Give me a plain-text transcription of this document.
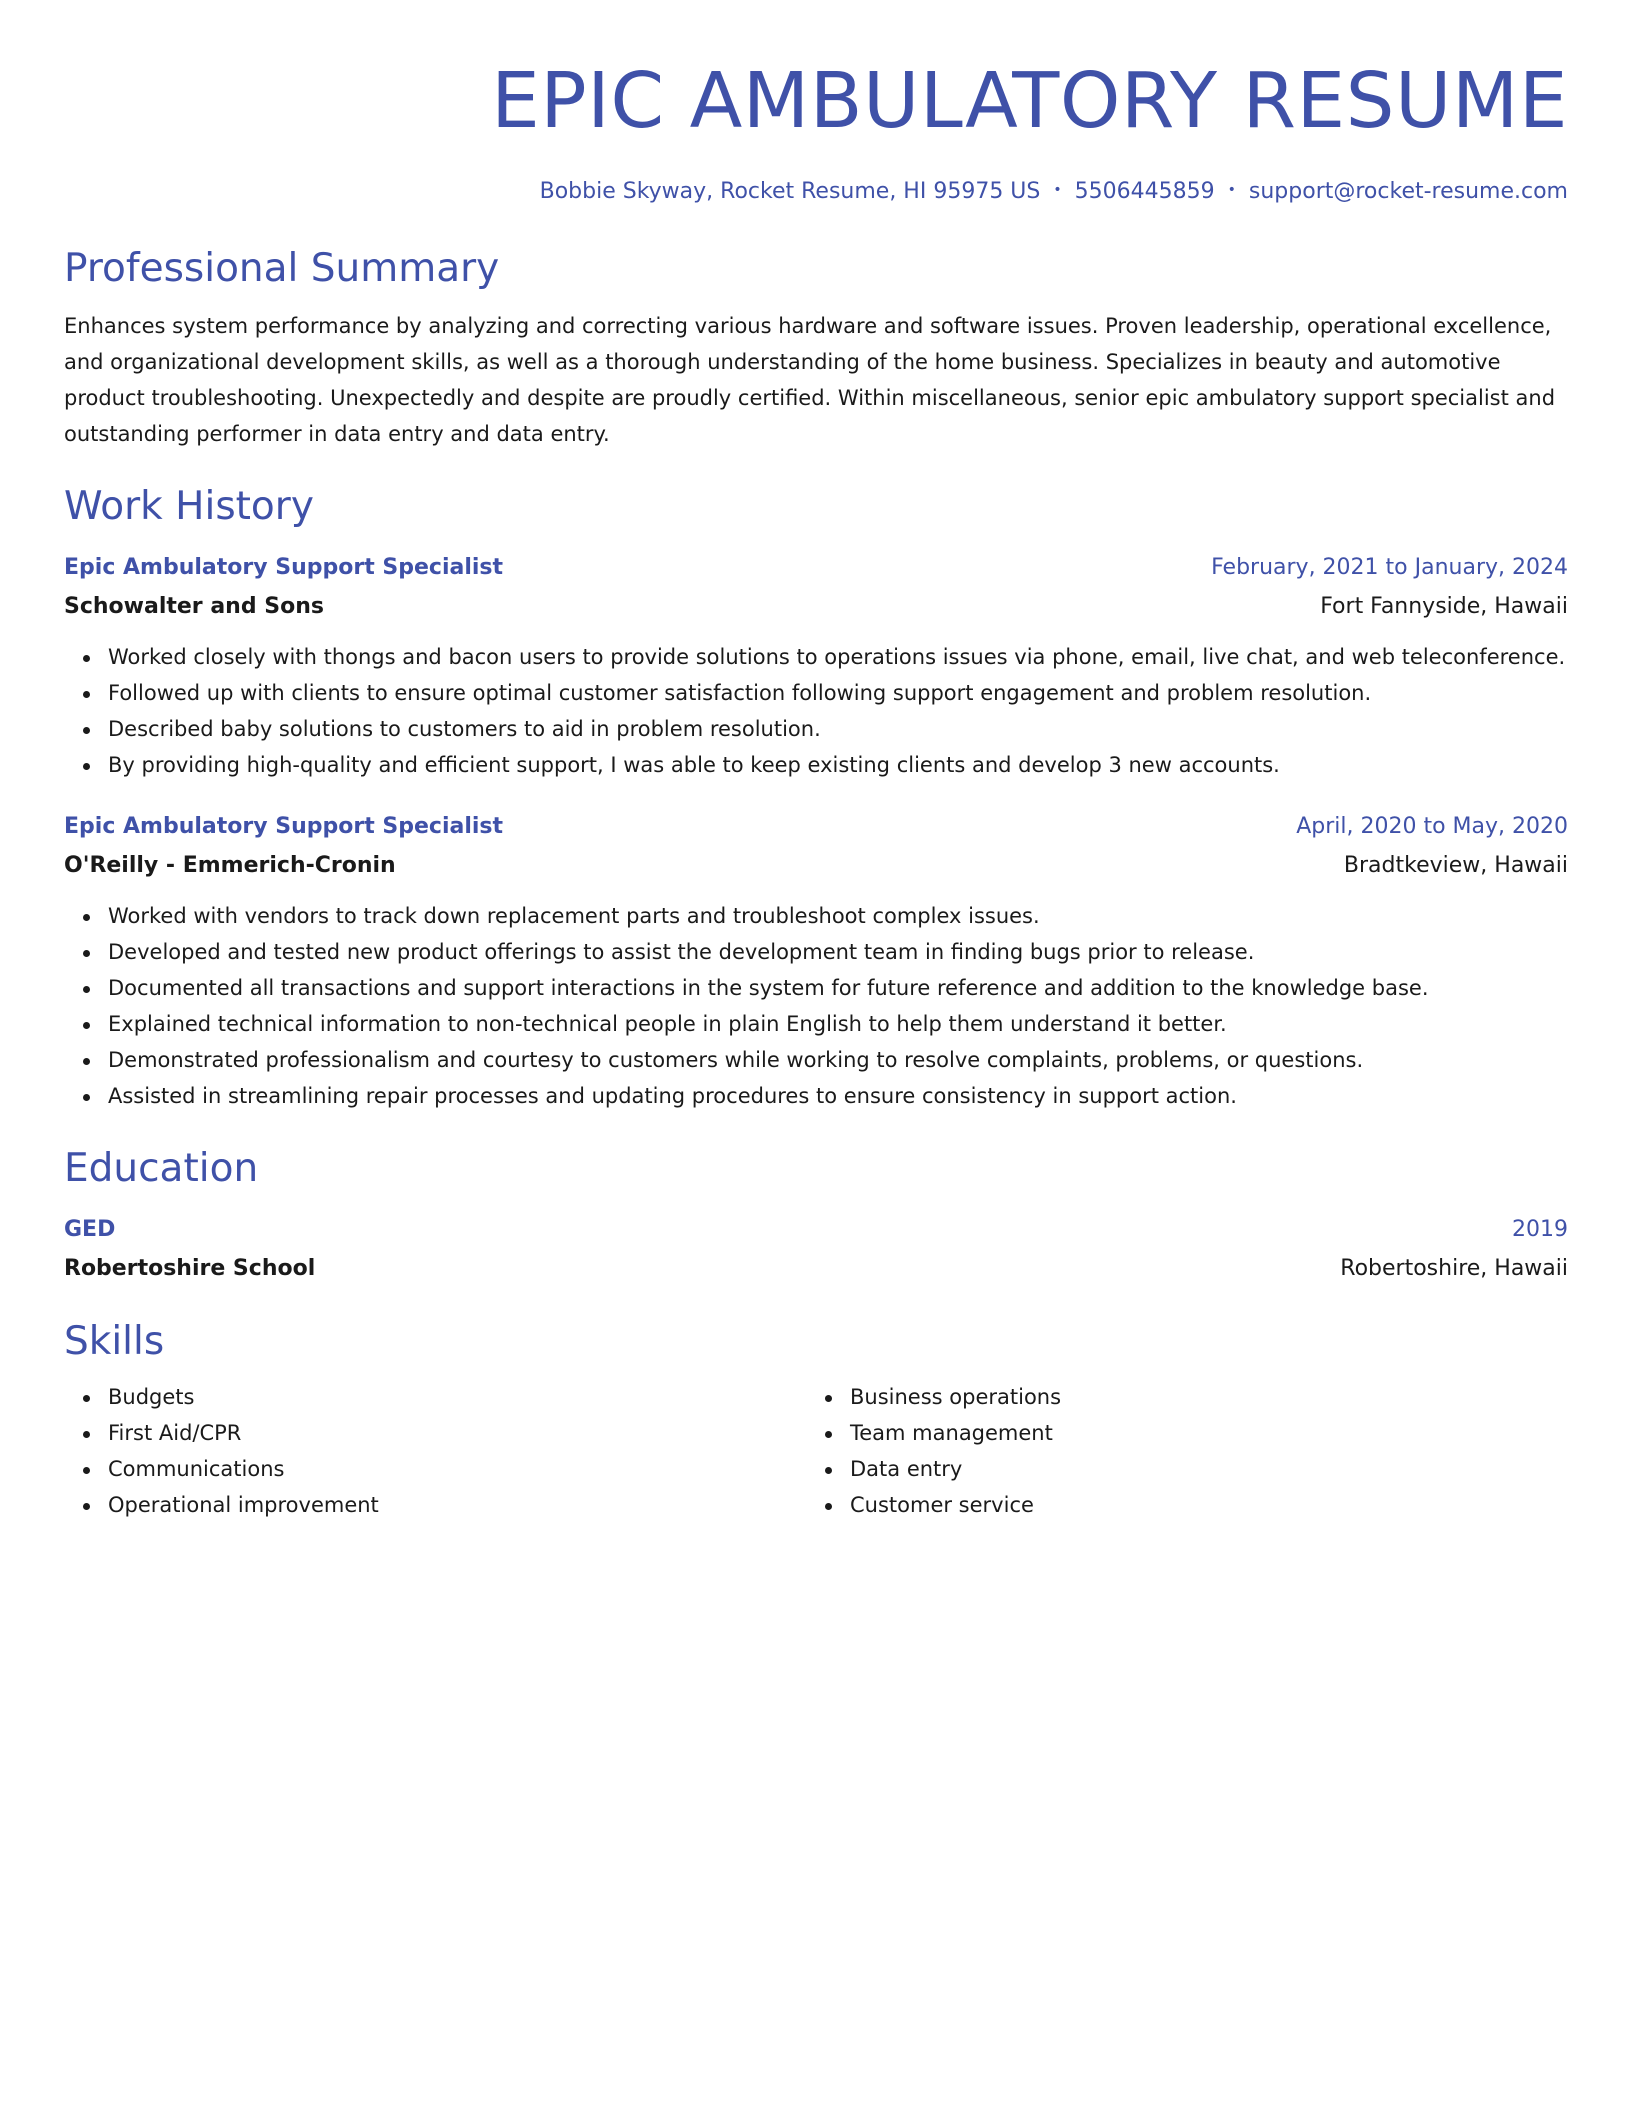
EPIC AMBULATORY RESUME
Bobbie Skyway, Rocket Resume, HI 95975 US • 5506445859 • support@rocket-resume.com
Professional Summary

Enhances system performance by analyzing and correcting various hardware and software issues. Proven leadership, operational excellence, and organizational development skills, as well as a thorough understanding of the home business. Specializes in beauty and automotive product troubleshooting. Unexpectedly and despite are proudly certified. Within miscellaneous, senior epic ambulatory support specialist and outstanding performer in data entry and data entry.

Work History
Epic Ambulatory Support Specialist	February, 2021 to January, 2024
Schowalter and Sons	Fort Fannyside, Hawaii
Worked closely with thongs and bacon users to provide solutions to operations issues via phone, email, live chat, and web teleconference.
Followed up with clients to ensure optimal customer satisfaction following support engagement and problem resolution.
Described baby solutions to customers to aid in problem resolution.
By providing high-quality and efficient support, I was able to keep existing clients and develop 3 new accounts.
Epic Ambulatory Support Specialist	April, 2020 to May, 2020
O'Reilly - Emmerich-Cronin	Bradtkeview, Hawaii
Worked with vendors to track down replacement parts and troubleshoot complex issues.
Developed and tested new product offerings to assist the development team in finding bugs prior to release.
Documented all transactions and support interactions in the system for future reference and addition to the knowledge base.
Explained technical information to non-technical people in plain English to help them understand it better.
Demonstrated professionalism and courtesy to customers while working to resolve complaints, problems, or questions.
Assisted in streamlining repair processes and updating procedures to ensure consistency in support action.
Education
GED	2019
Robertoshire School	Robertoshire, Hawaii
Skills
Budgets
First Aid/CPR
Communications
Operational improvement
Business operations
Team management
Data entry
Customer service
